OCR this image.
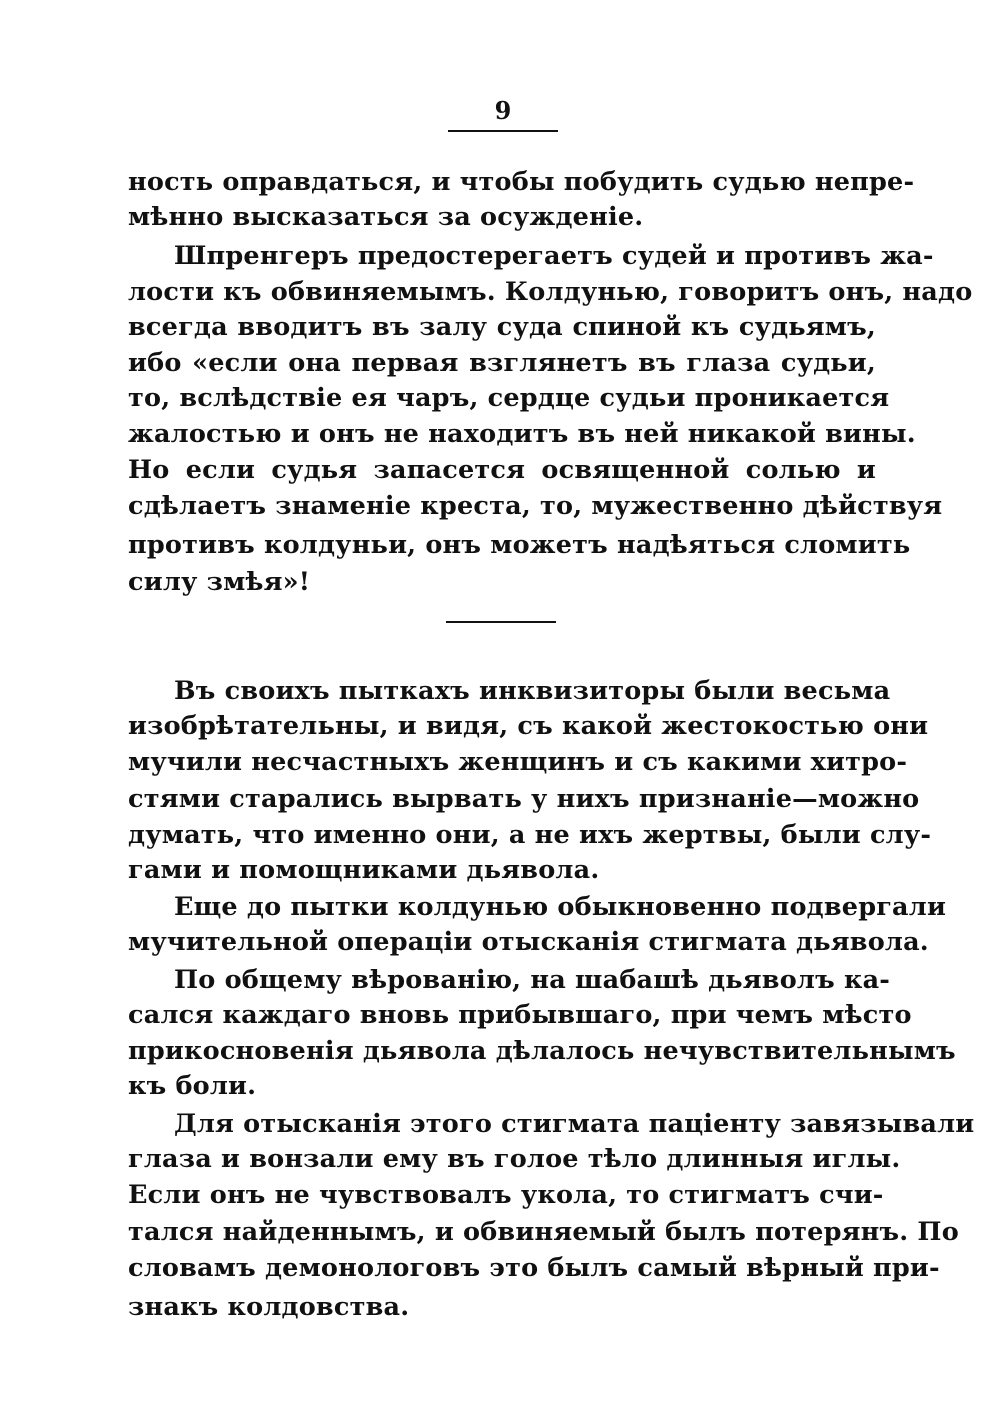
9
ность оправдаться, и чтобы побудить судью непре-
мѣнно высказаться за осужденіе.
Шпренгеръ предостерегаетъ судей и противъ жа-
лости къ обвиняемымъ. Колдунью, говоритъ онъ, надо
всегда вводитъ въ залу суда спиной къ судьямъ,
ибо «если она первая взглянетъ въ глаза судьи,
то, вслѣдствіе ея чаръ, сердце судьи проникается
жалостью и онъ не находитъ въ ней никакой вины.
Но если судья запасется освященной солью и
сдѣлаетъ знаменіе креста, то, мужественно дѣйствуя
противъ колдуньи, онъ можетъ надѣяться сломить
силу змѣя»!
Въ своихъ пыткахъ инквизиторы были весьма
изобрѣтательны, и видя, съ какой жестокостью они
мучили несчастныхъ женщинъ и съ какими хитро-
стями старались вырвать у нихъ признаніе—можно
думать, что именно они, а не ихъ жертвы, были слу-
гами и помощниками дьявола.
Еще до пытки колдунью обыкновенно подвергали
мучительной операціи отысканія стигмата дьявола.
По общему вѣрованію, на шабашѣ дьяволъ ка-
сался каждаго вновь прибывшаго, при чемъ мѣсто
прикосновенія дьявола дѣлалось нечувствительнымъ
къ боли.
Для отысканія этого стигмата паціенту завязывали
глаза и вонзали ему въ голое тѣло длинныя иглы.
Если онъ не чувствовалъ укола, то стигматъ счи-
тался найденнымъ, и обвиняемый былъ потерянъ. По
словамъ демонологовъ это былъ самый вѣрный при-
знакъ колдовства.
